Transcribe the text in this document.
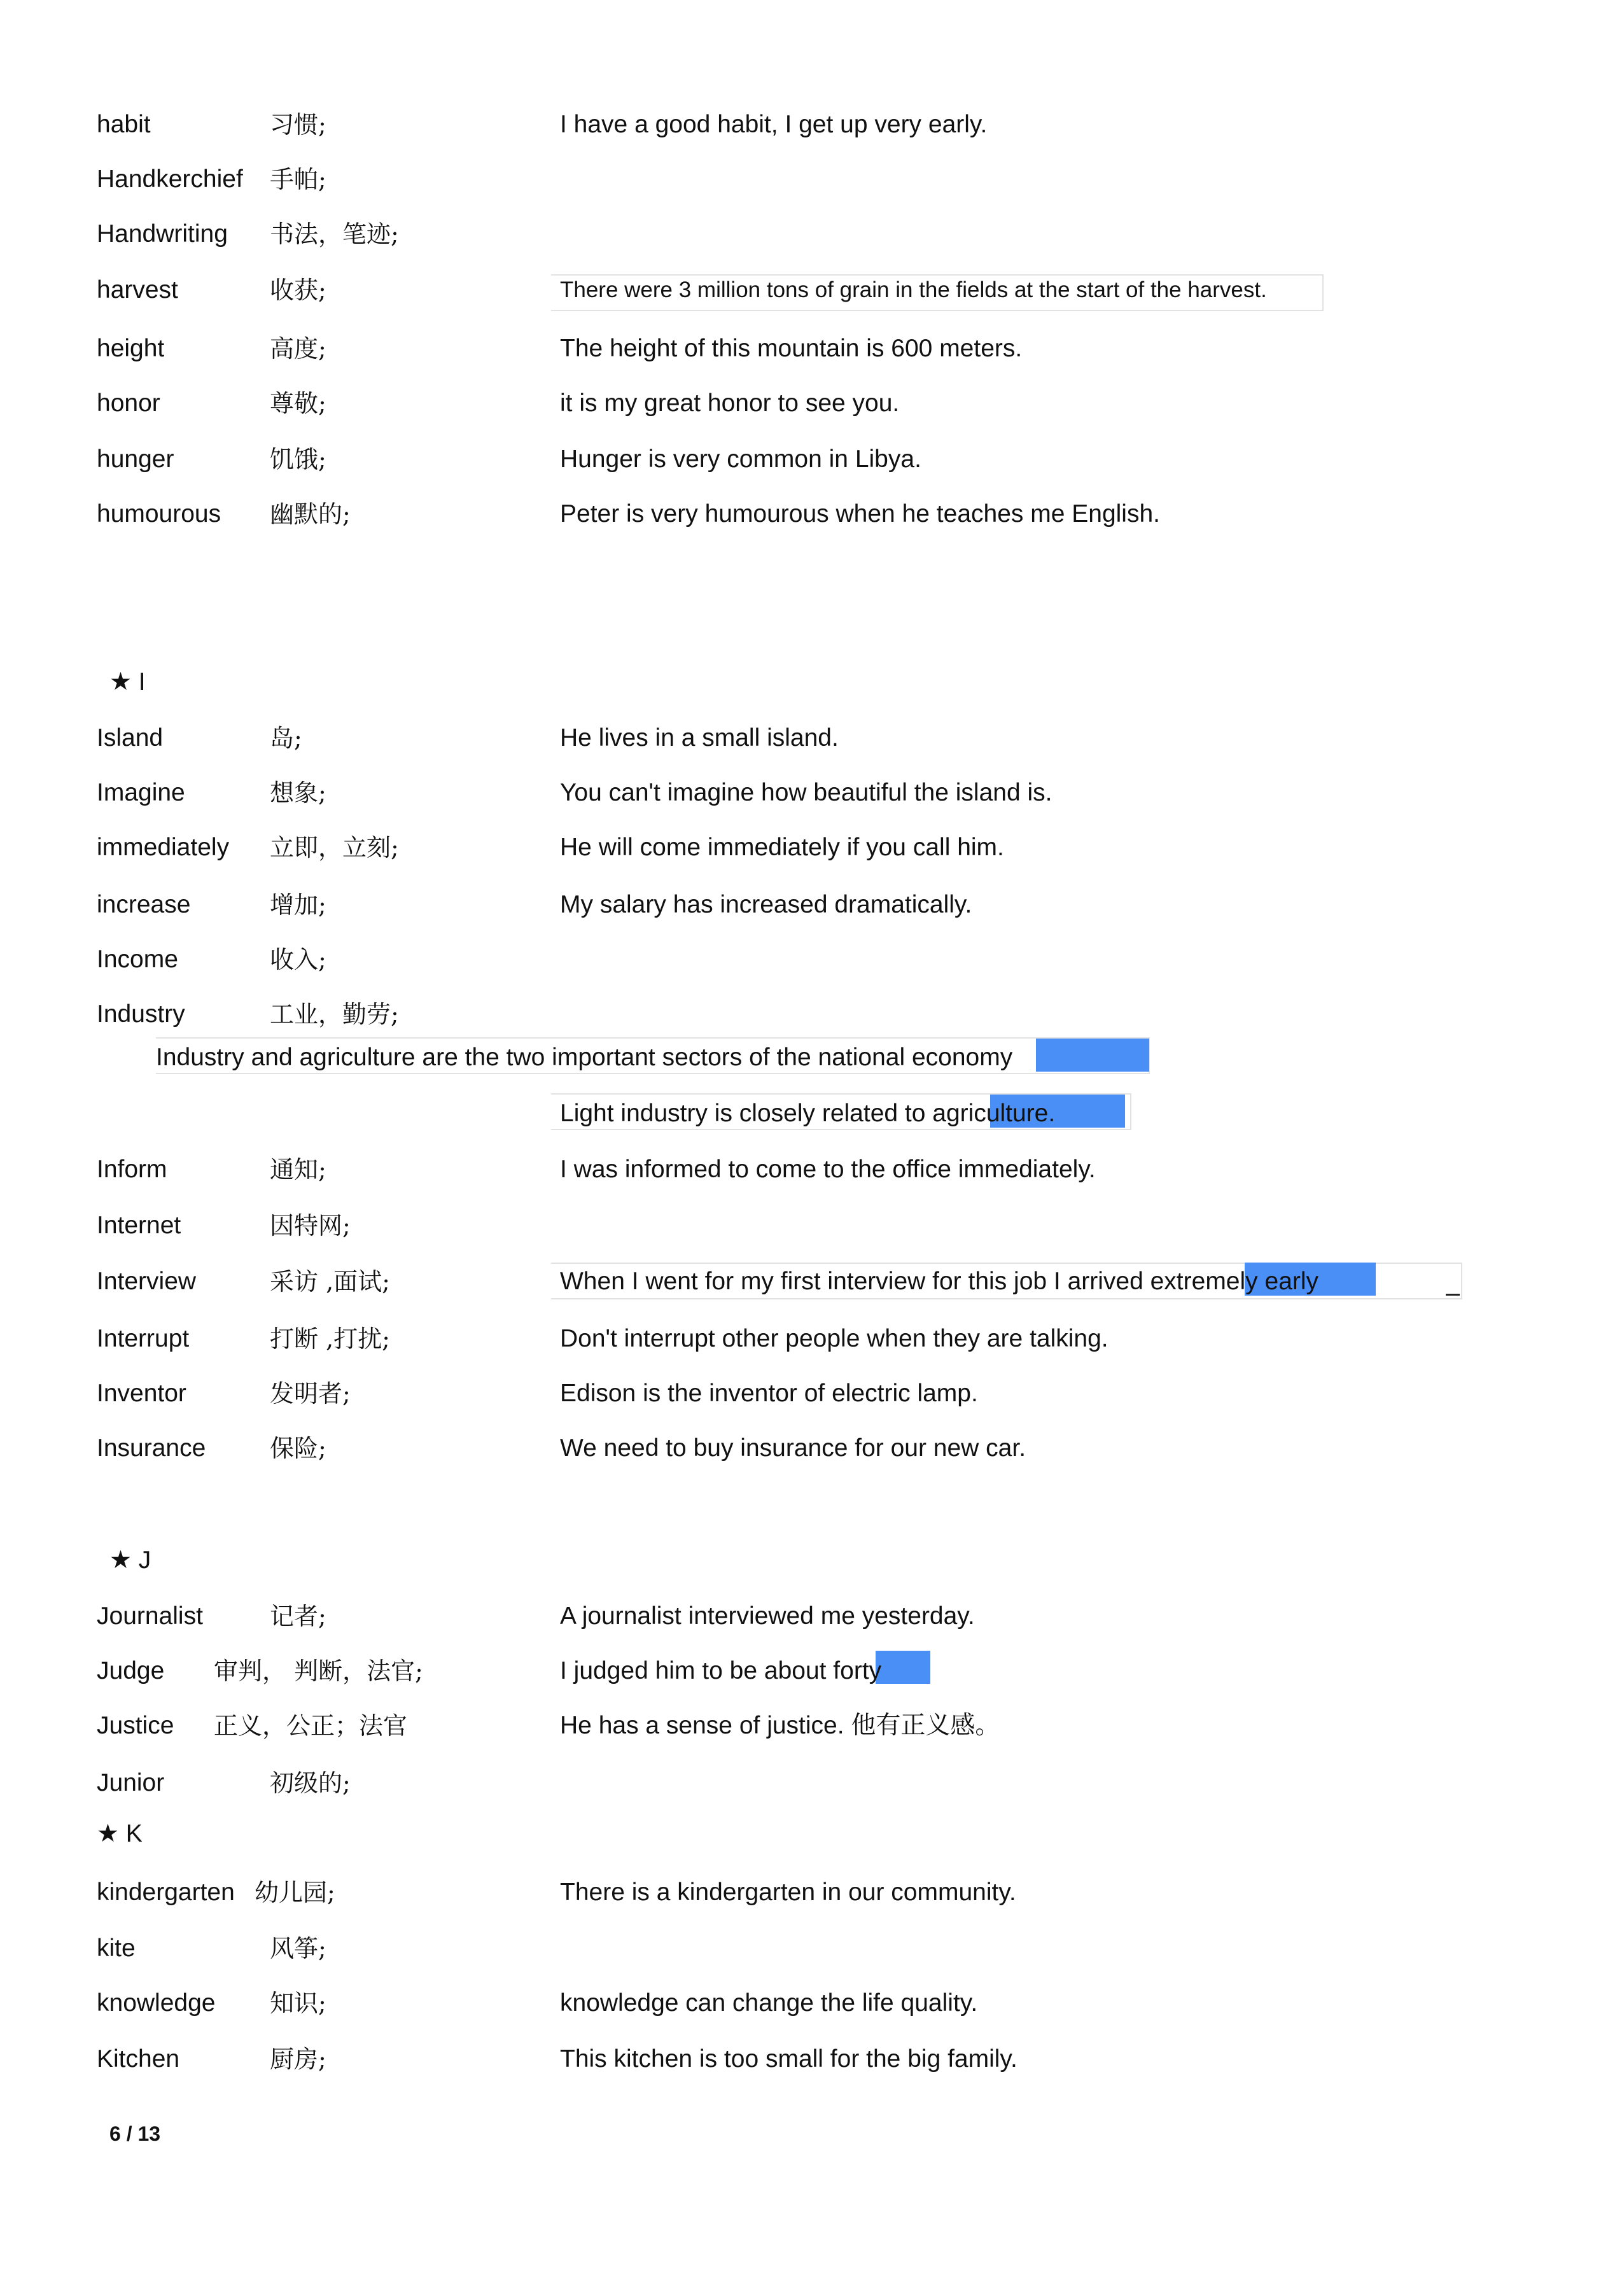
habit	习惯;	I have a good habit, I get up very early.
Handkerchief 手帕;
Handwriting 书法，笔迹;
harvest	收获;	There were 3 million tons of grain in the fields at the start of the harvest.
height	高度;	The height of this mountain is 600 meters.
honor	尊敬;	it is my great honor to see you.
hunger	饥饿;	Hunger is very common in Libya.
humourous 幽默的;	Peter is very humourous when he teaches me English.
★ I
Island	岛;	He lives in a small island.
Imagine	想象;	You can't imagine how beautiful the island is.
immediately 立即，立刻;	He will come immediately if you call him.
increase	增加;	My salary has increased dramatically.
Income	收入;
Industry	工业，勤劳;
Industry and agriculture are the two important sectors of the national economy
Light industry is closely related to agriculture.
Inform	通知;	I was informed to come to the office immediately.
Internet	因特网;
Interview	采访 ,面试;	When I went for my first interview for this job I arrived extremely early
Interrupt	打断 ,打扰;	Don't interrupt other people when they are talking.
Inventor	发明者;	Edison is the inventor of electric lamp.
Insurance	保险;	We need to buy insurance for our new car.
★ J
Journalist	记者;	A journalist interviewed me yesterday.
Judge 审判， 判断，法官;	I judged him to be about forty
Justice 正义，公正；法官	He has a sense of justice. 他有正义感。
Junior	初级的;
★ K
kindergarten 幼儿园;	There is a kindergarten in our community.
kite	风筝;
knowledge 知识;	knowledge can change the life quality.
Kitchen	厨房;	This kitchen is too small for the big family.
6 / 13
